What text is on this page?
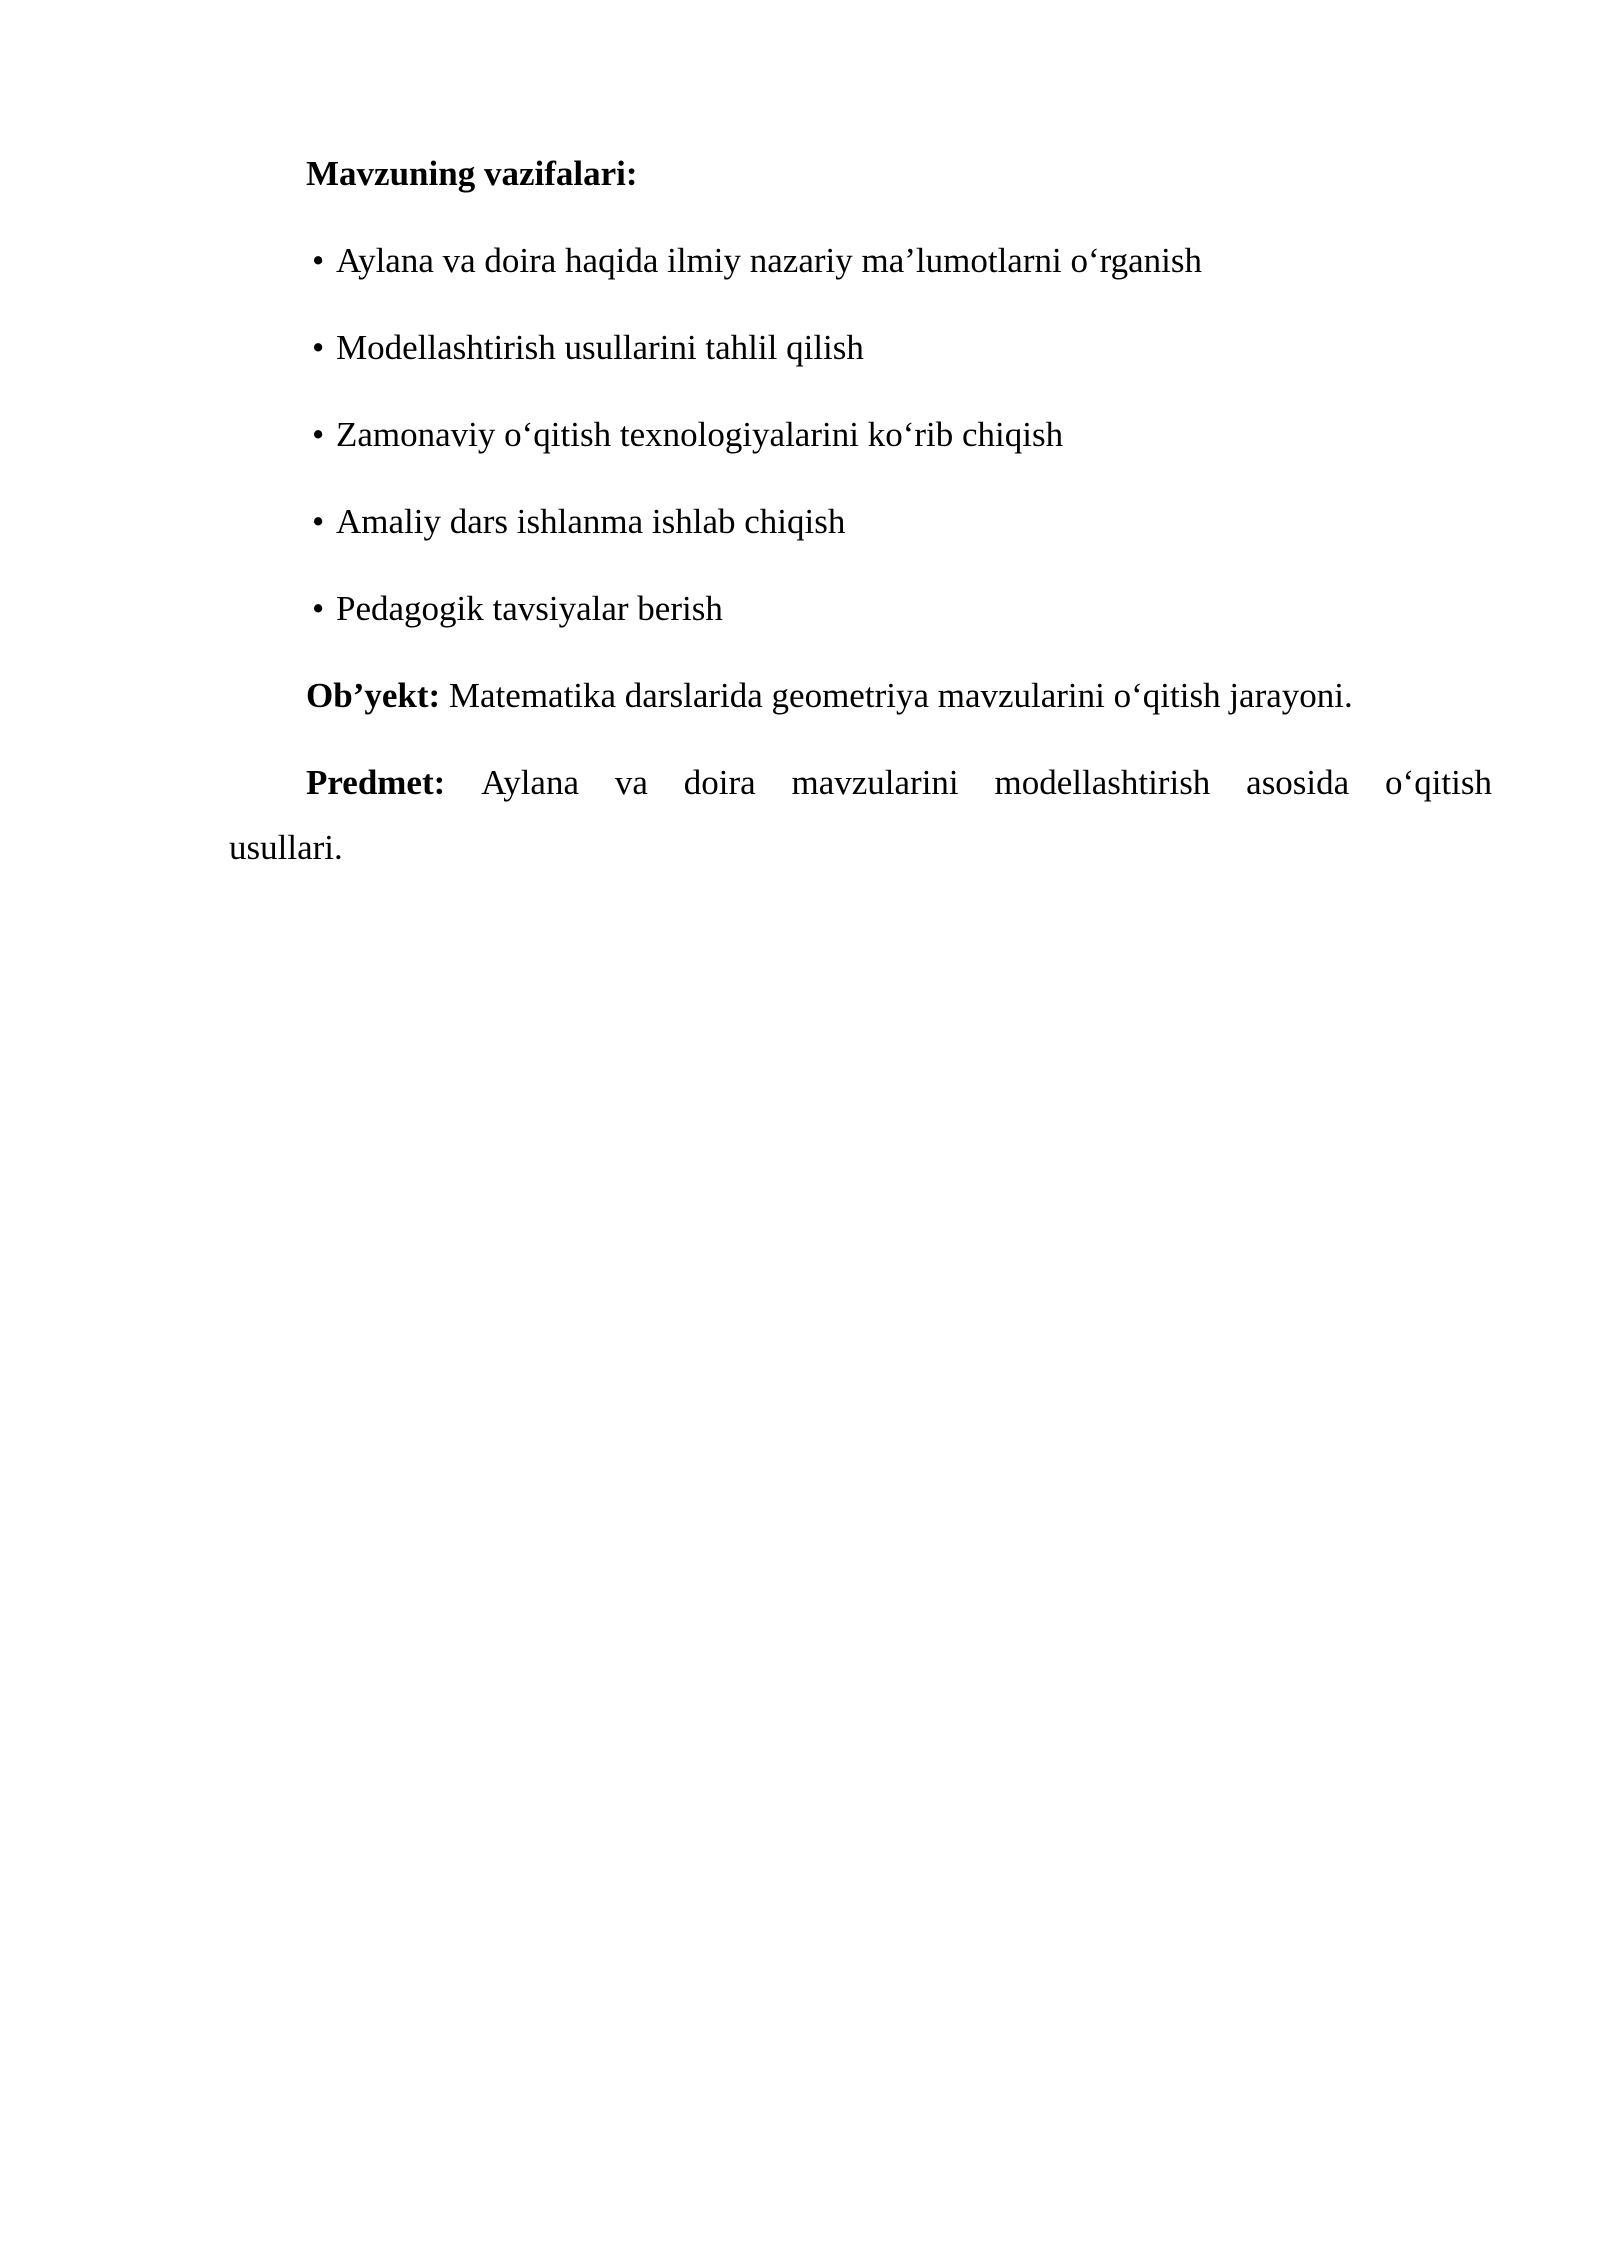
Mavzuning vazifalari:
• Aylana va doira haqida ilmiy nazariy ma’lumotlarni o‘rganish
• Modellashtirish usullarini tahlil qilish
• Zamonaviy o‘qitish texnologiyalarini ko‘rib chiqish
• Amaliy dars ishlanma ishlab chiqish
• Pedagogik tavsiyalar berish
Ob’yekt: Matematika darslarida geometriya mavzularini o‘qitish jarayoni.
Predmet: Aylana va doira mavzularini modellashtirish asosida o‘qitish
usullari.
